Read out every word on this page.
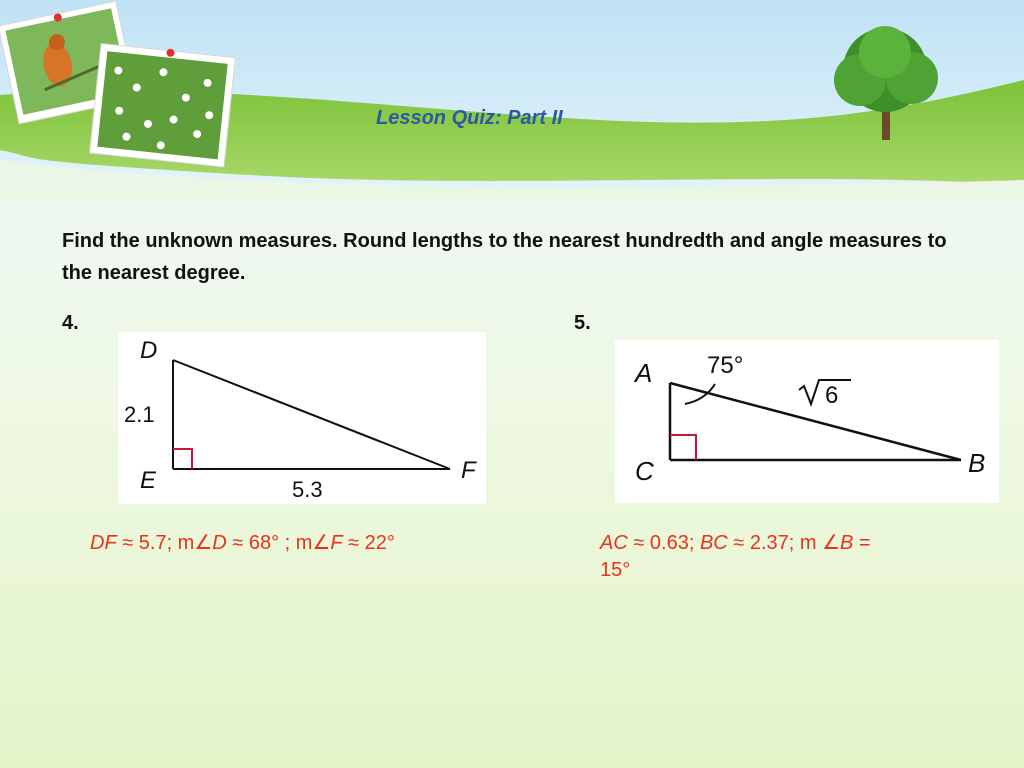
Lesson Quiz: Part II
Find the unknown measures. Round lengths to the nearest hundredth and angle measures to the nearest degree.
4.
D
E	F
2.1
5.3
DF ≈ 5.7; m∠D ≈ 68° ; m∠F ≈ 22°
5.
A
C	B
75°
6
AC ≈ 0.63; BC ≈ 2.37; m ∠B =
15°
